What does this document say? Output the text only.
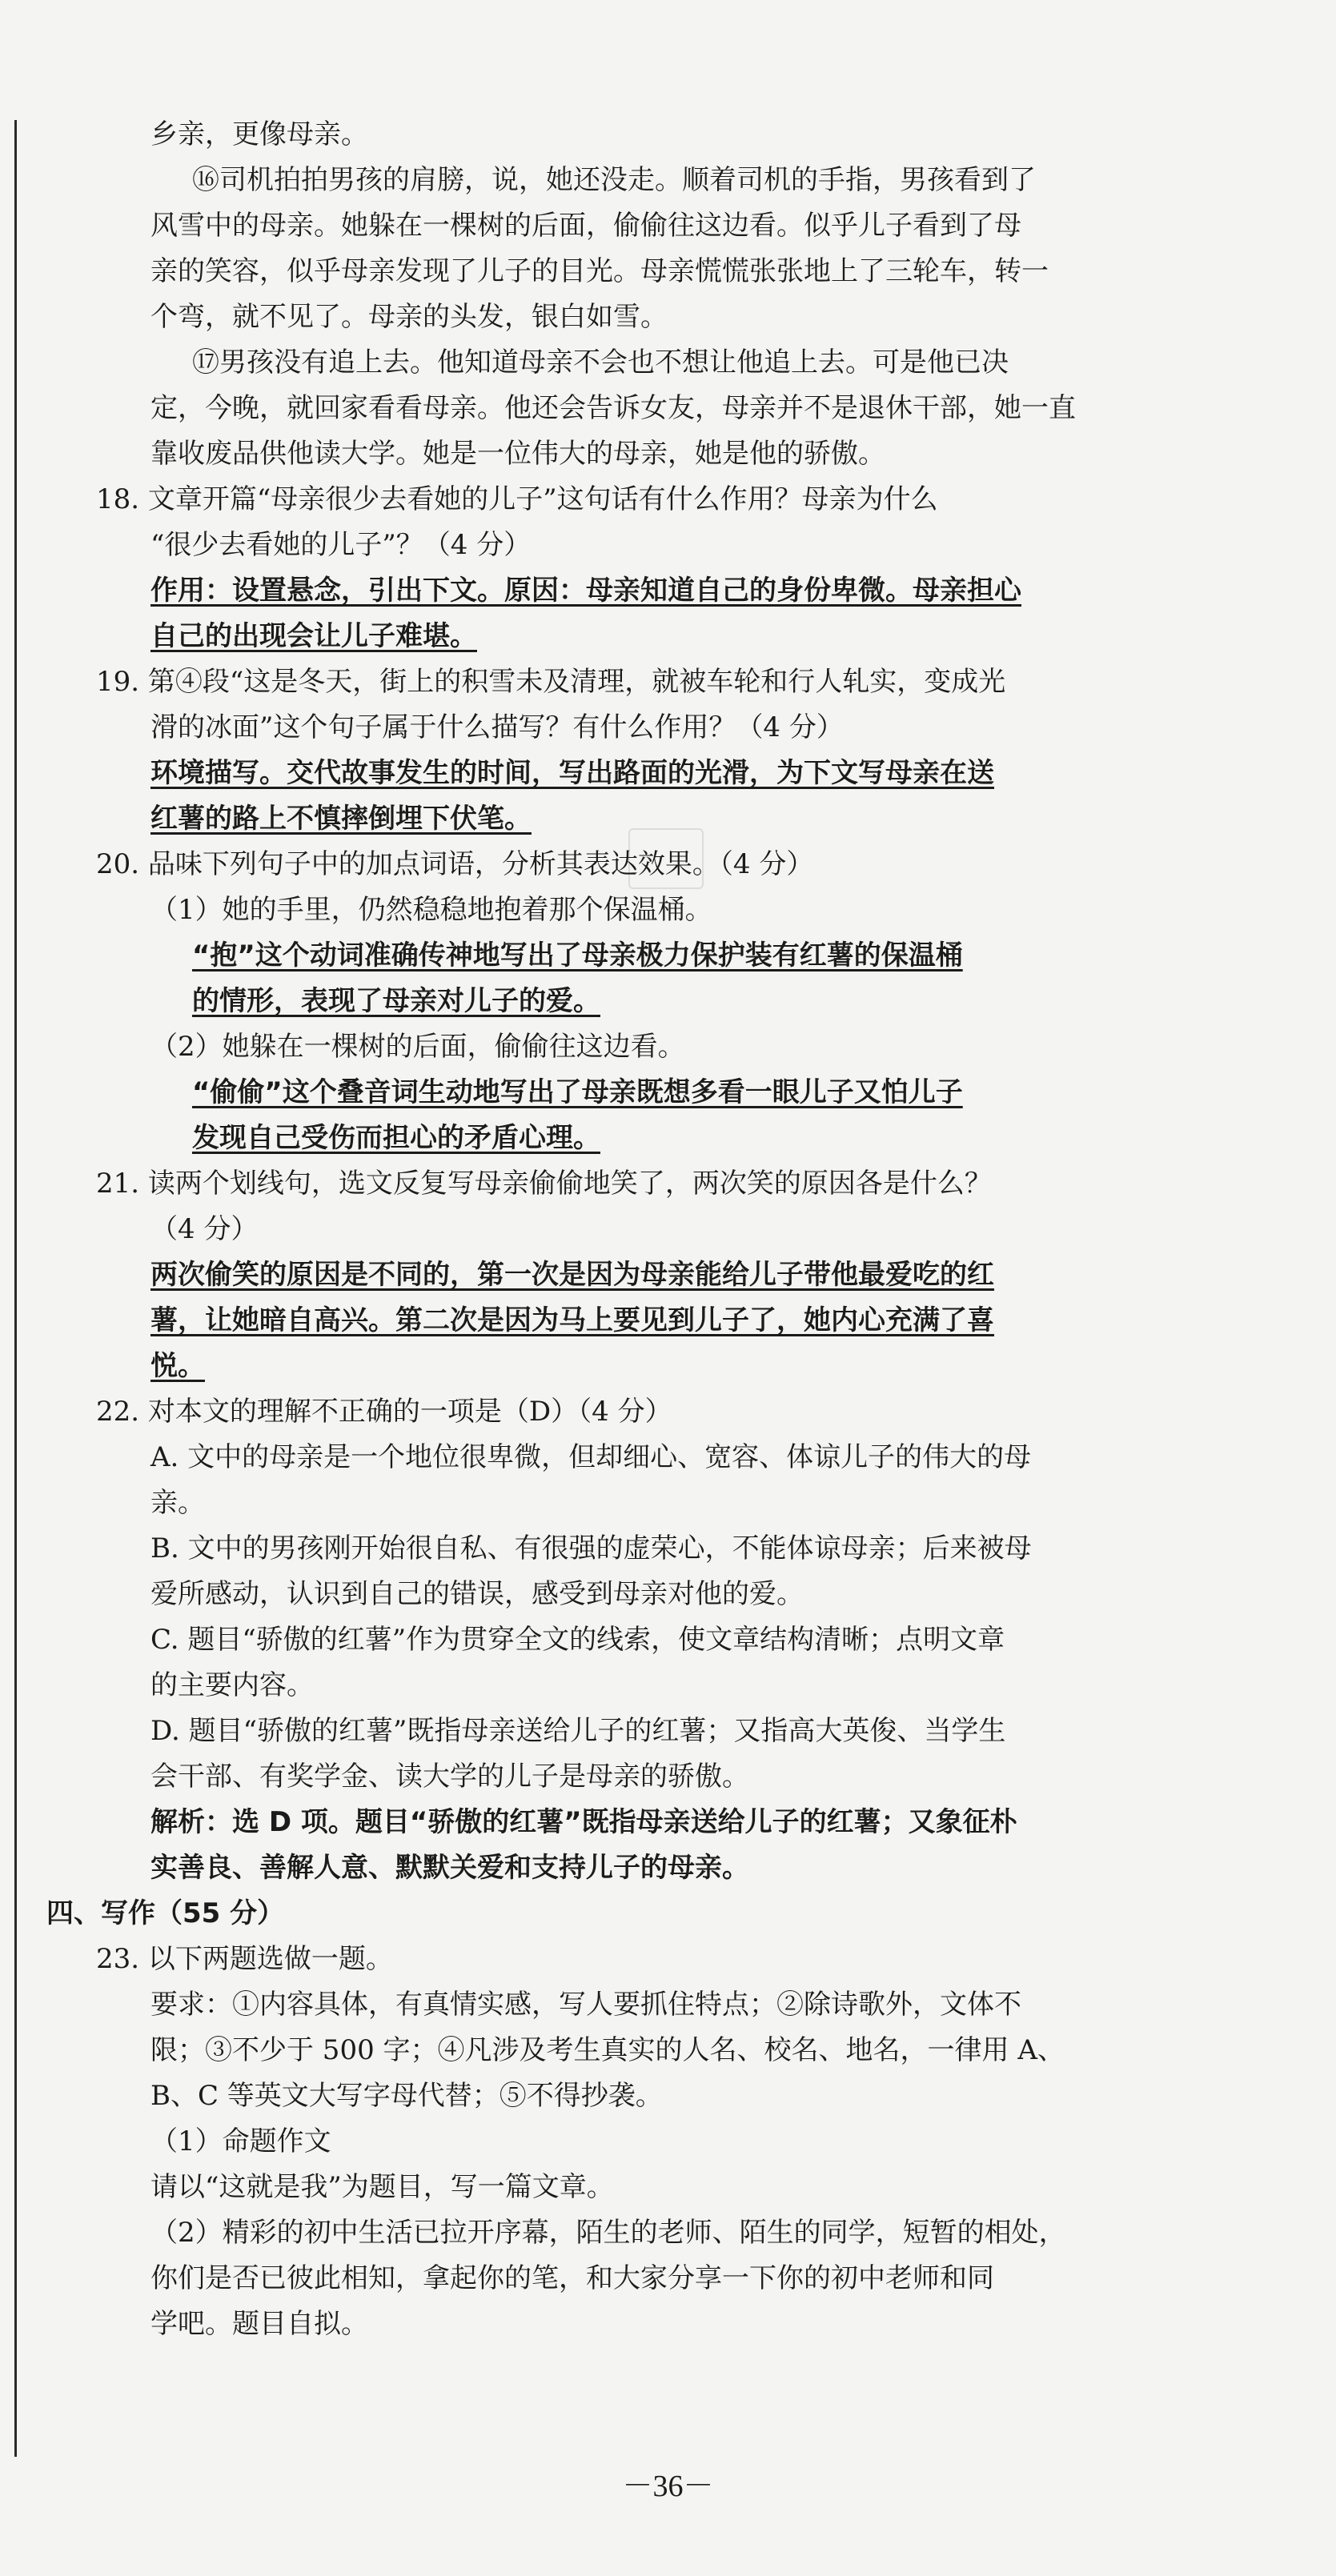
乡亲，更像母亲。
⑯司机拍拍男孩的肩膀，说，她还没走。顺着司机的手指，男孩看到了
风雪中的母亲。她躲在一棵树的后面，偷偷往这边看。似乎儿子看到了母
亲的笑容，似乎母亲发现了儿子的目光。母亲慌慌张张地上了三轮车，转一
个弯，就不见了。母亲的头发，银白如雪。
⑰男孩没有追上去。他知道母亲不会也不想让他追上去。可是他已决
定，今晚，就回家看看母亲。他还会告诉女友，母亲并不是退休干部，她一直
靠收废品供他读大学。她是一位伟大的母亲，她是他的骄傲。
18. 文章开篇“母亲很少去看她的儿子”这句话有什么作用？母亲为什么
“很少去看她的儿子”？（4 分）
作用：设置悬念，引出下文。原因：母亲知道自己的身份卑微。母亲担心
自己的出现会让儿子难堪。
19. 第④段“这是冬天，街上的积雪未及清理，就被车轮和行人轧实，变成光
滑的冰面”这个句子属于什么描写？有什么作用？（4 分）
环境描写。交代故事发生的时间，写出路面的光滑，为下文写母亲在送
红薯的路上不慎摔倒埋下伏笔。
20. 品味下列句子中的加点词语，分析其表达效果。（4 分）
（1）她的手里，仍然稳稳地抱着那个保温桶。
“抱”这个动词准确传神地写出了母亲极力保护装有红薯的保温桶
的情形，表现了母亲对儿子的爱。
（2）她躲在一棵树的后面，偷偷往这边看。
“偷偷”这个叠音词生动地写出了母亲既想多看一眼儿子又怕儿子
发现自己受伤而担心的矛盾心理。
21. 读两个划线句，选文反复写母亲偷偷地笑了，两次笑的原因各是什么？
（4 分）
两次偷笑的原因是不同的，第一次是因为母亲能给儿子带他最爱吃的红
薯，让她暗自高兴。第二次是因为马上要见到儿子了，她内心充满了喜
悦。
22. 对本文的理解不正确的一项是（D）（4 分）
A. 文中的母亲是一个地位很卑微，但却细心、宽容、体谅儿子的伟大的母
亲。
B. 文中的男孩刚开始很自私、有很强的虚荣心，不能体谅母亲；后来被母
爱所感动，认识到自己的错误，感受到母亲对他的爱。
C. 题目“骄傲的红薯”作为贯穿全文的线索，使文章结构清晰；点明文章
的主要内容。
D. 题目“骄傲的红薯”既指母亲送给儿子的红薯；又指高大英俊、当学生
会干部、有奖学金、读大学的儿子是母亲的骄傲。
解析：选 D 项。题目“骄傲的红薯”既指母亲送给儿子的红薯；又象征朴
实善良、善解人意、默默关爱和支持儿子的母亲。
四、写作（55 分）
23. 以下两题选做一题。
要求：①内容具体，有真情实感，写人要抓住特点；②除诗歌外，文体不
限；③不少于 500 字；④凡涉及考生真实的人名、校名、地名，一律用 A、
B、C 等英文大写字母代替；⑤不得抄袭。
（1）命题作文
请以“这就是我”为题目，写一篇文章。
（2）精彩的初中生活已拉开序幕，陌生的老师、陌生的同学，短暂的相处，
你们是否已彼此相知，拿起你的笔，和大家分享一下你的初中老师和同
学吧。题目自拟。
－36－
